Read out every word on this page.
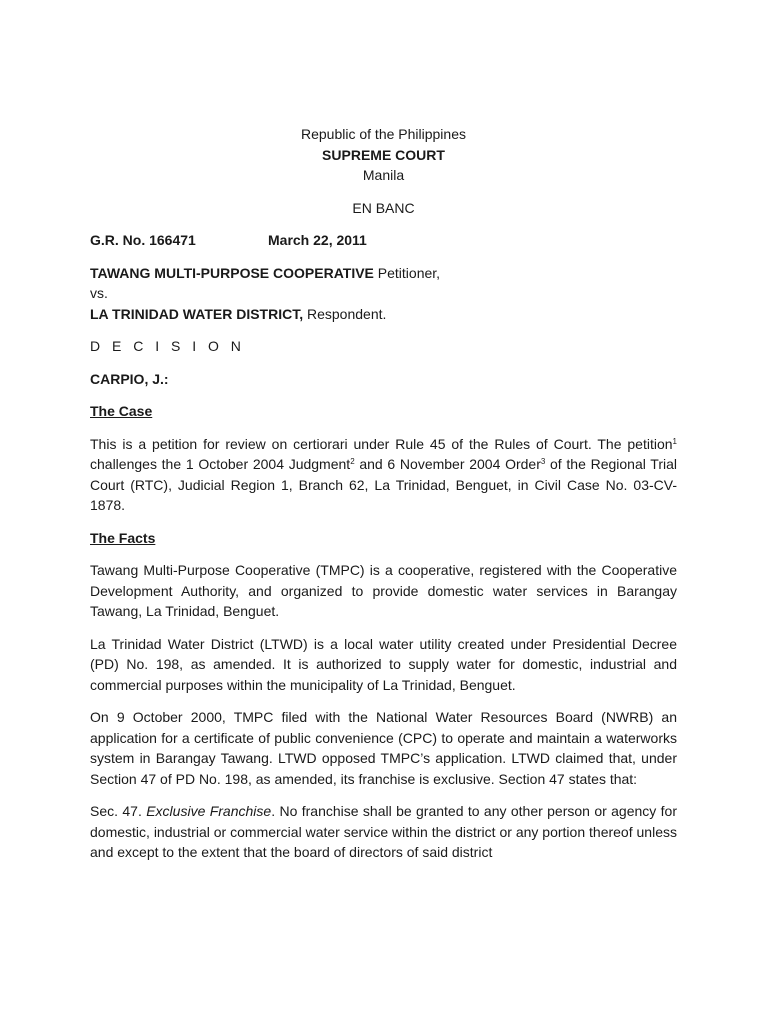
Republic of the Philippines
SUPREME COURT
Manila
EN BANC
G.R. No. 166471	March 22, 2011
TAWANG MULTI-PURPOSE COOPERATIVE Petitioner,
vs.
LA TRINIDAD WATER DISTRICT, Respondent.
D E C I S I O N
CARPIO, J.:
The Case

This is a petition for review on certiorari under Rule 45 of the Rules of Court. The petition$^1$ challenges the 1 October 2004 Judgment$^2$ and 6 November 2004 Order$^3$ of the Regional Trial Court (RTC), Judicial Region 1, Branch 62, La Trinidad, Benguet, in Civil Case No. 03-CV-1878.

The Facts

Tawang Multi-Purpose Cooperative (TMPC) is a cooperative, registered with the Cooperative Development Authority, and organized to provide domestic water services in Barangay Tawang, La Trinidad, Benguet.

La Trinidad Water District (LTWD) is a local water utility created under Presidential Decree (PD) No. 198, as amended. It is authorized to supply water for domestic, industrial and commercial purposes within the municipality of La Trinidad, Benguet.

On 9 October 2000, TMPC filed with the National Water Resources Board (NWRB) an application for a certificate of public convenience (CPC) to operate and maintain a waterworks system in Barangay Tawang. LTWD opposed TMPC’s application. LTWD claimed that, under Section 47 of PD No. 198, as amended, its franchise is exclusive. Section 47 states that:

Sec. 47. Exclusive Franchise. No franchise shall be granted to any other person or agency for domestic, industrial or commercial water service within the district or any portion thereof unless and except to the extent that the board of directors of said district
